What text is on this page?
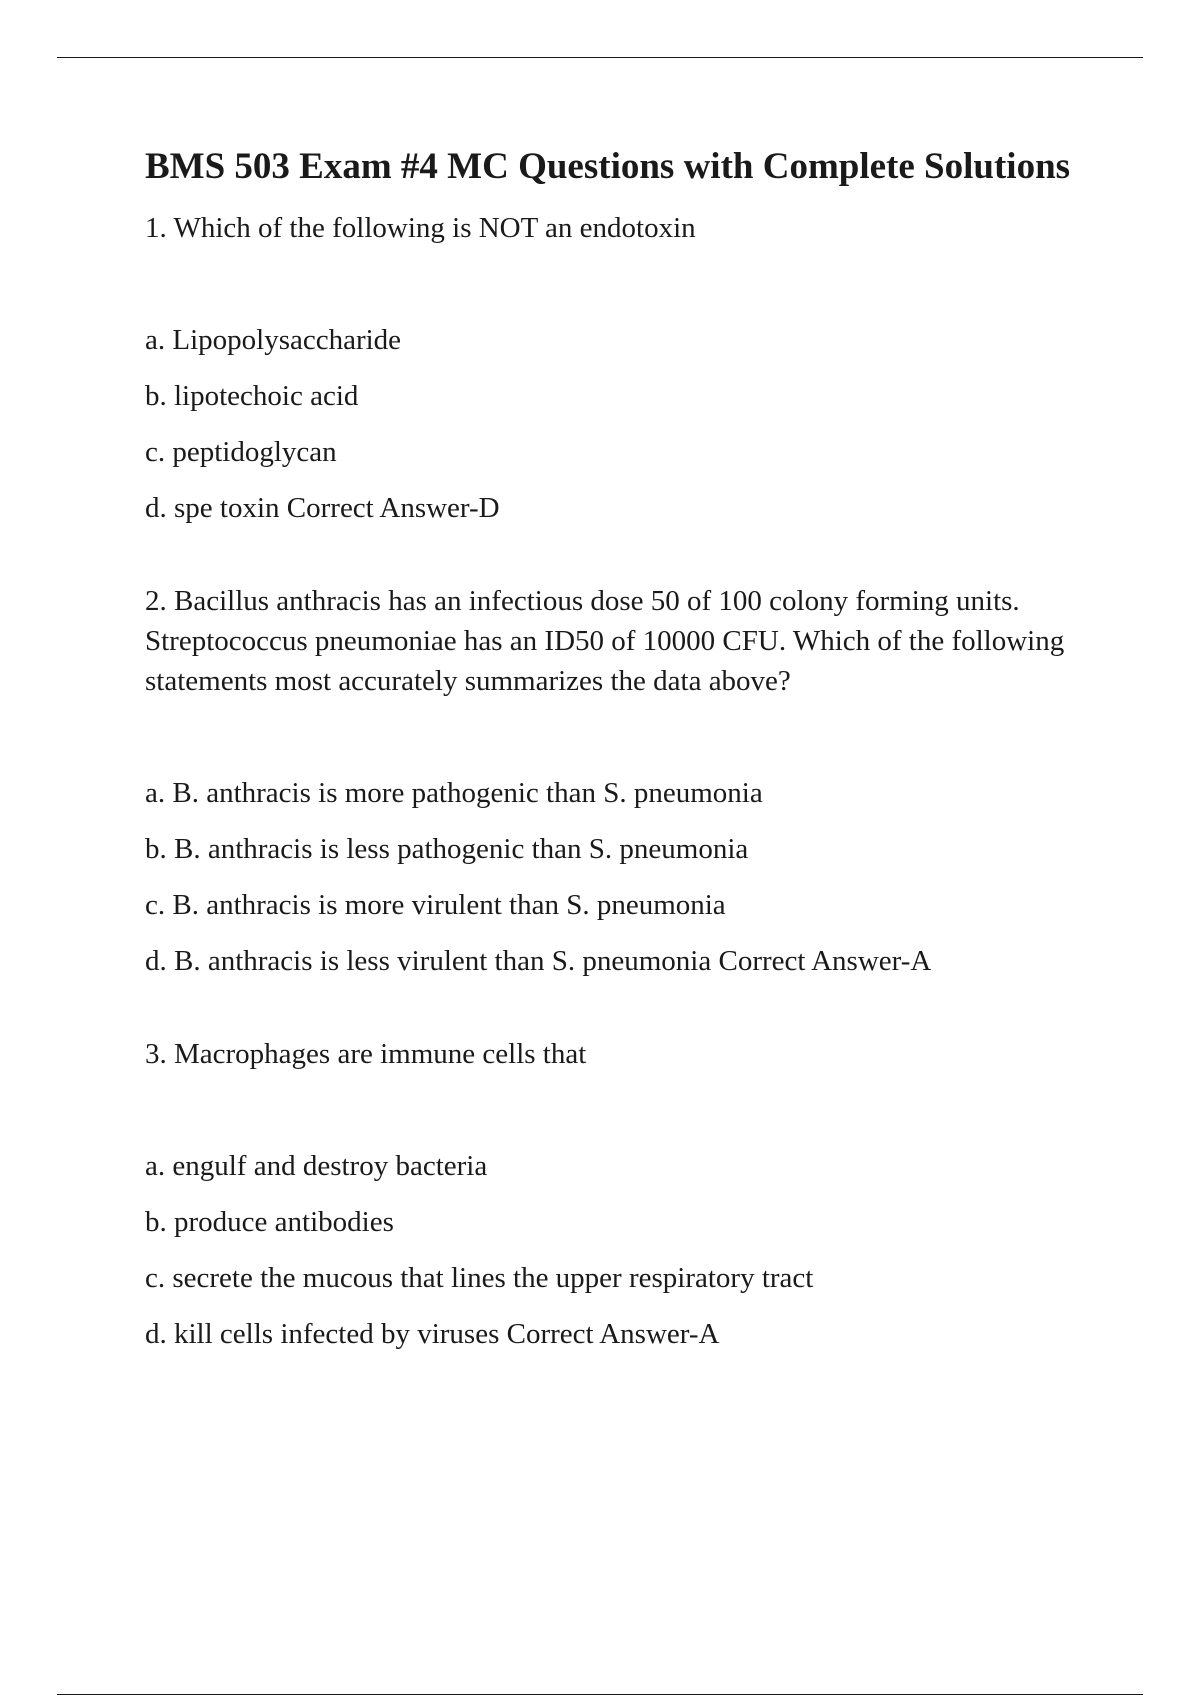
BMS 503 Exam #4 MC Questions with Complete Solutions

1. Which of the following is NOT an endotoxin

a. Lipopolysaccharide
b. lipotechoic acid
c. peptidoglycan
d. spe toxin Correct Answer-D

2. Bacillus anthracis has an infectious dose 50 of 100 colony forming units. Streptococcus pneumoniae has an ID50 of 10000 CFU. Which of the following statements most accurately summarizes the data above?

a. B. anthracis is more pathogenic than S. pneumonia
b. B. anthracis is less pathogenic than S. pneumonia
c. B. anthracis is more virulent than S. pneumonia
d. B. anthracis is less virulent than S. pneumonia Correct Answer-A

3. Macrophages are immune cells that

a. engulf and destroy bacteria
b. produce antibodies
c. secrete the mucous that lines the upper respiratory tract
d. kill cells infected by viruses Correct Answer-A
